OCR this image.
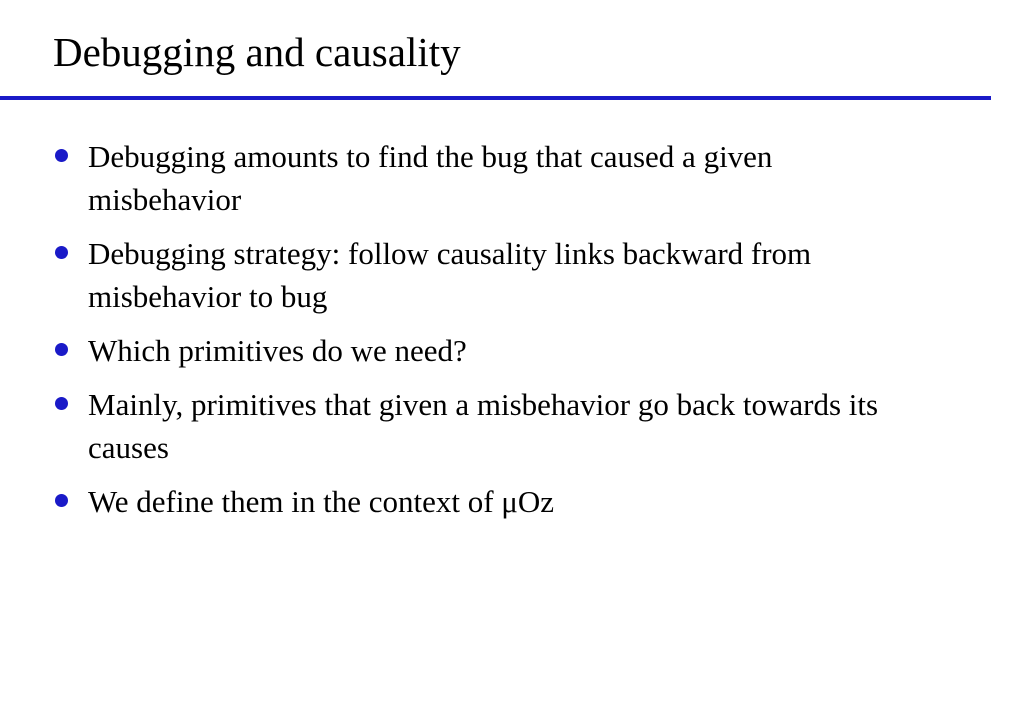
Debugging and causality
Debugging amounts to find the bug that caused a given misbehavior
Debugging strategy: follow causality links backward from misbehavior to bug
Which primitives do we need?
Mainly, primitives that given a misbehavior go back towards its causes
We define them in the context of μOz
